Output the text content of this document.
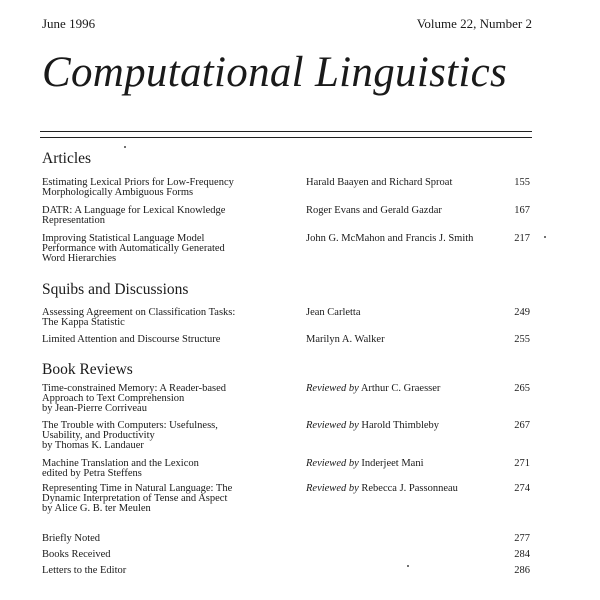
June 1996	Volume 22, Number 2
Computational Linguistics
Articles
Estimating Lexical Priors for Low-Frequency
Morphologically Ambiguous Forms
Harald Baayen and Richard Sproat	155
DATR: A Language for Lexical Knowledge
Representation
Roger Evans and Gerald Gazdar	167
Improving Statistical Language Model
Performance with Automatically Generated
Word Hierarchies
John G. McMahon and Francis J. Smith	217
Squibs and Discussions
Assessing Agreement on Classification Tasks:
The Kappa Statistic
Jean Carletta	249
Limited Attention and Discourse Structure	Marilyn A. Walker	255
Book Reviews
Time-constrained Memory: A Reader-based
Approach to Text Comprehension
by Jean-Pierre Corriveau
Reviewed by Arthur C. Graesser	265
The Trouble with Computers: Usefulness,
Usability, and Productivity
by Thomas K. Landauer
Reviewed by Harold Thimbleby	267
Machine Translation and the Lexicon
edited by Petra Steffens
Reviewed by Inderjeet Mani	271
Representing Time in Natural Language: The
Dynamic Interpretation of Tense and Aspect
by Alice G. B. ter Meulen
Reviewed by Rebecca J. Passonneau	274
Briefly Noted	277
Books Received	284
Letters to the Editor	286
